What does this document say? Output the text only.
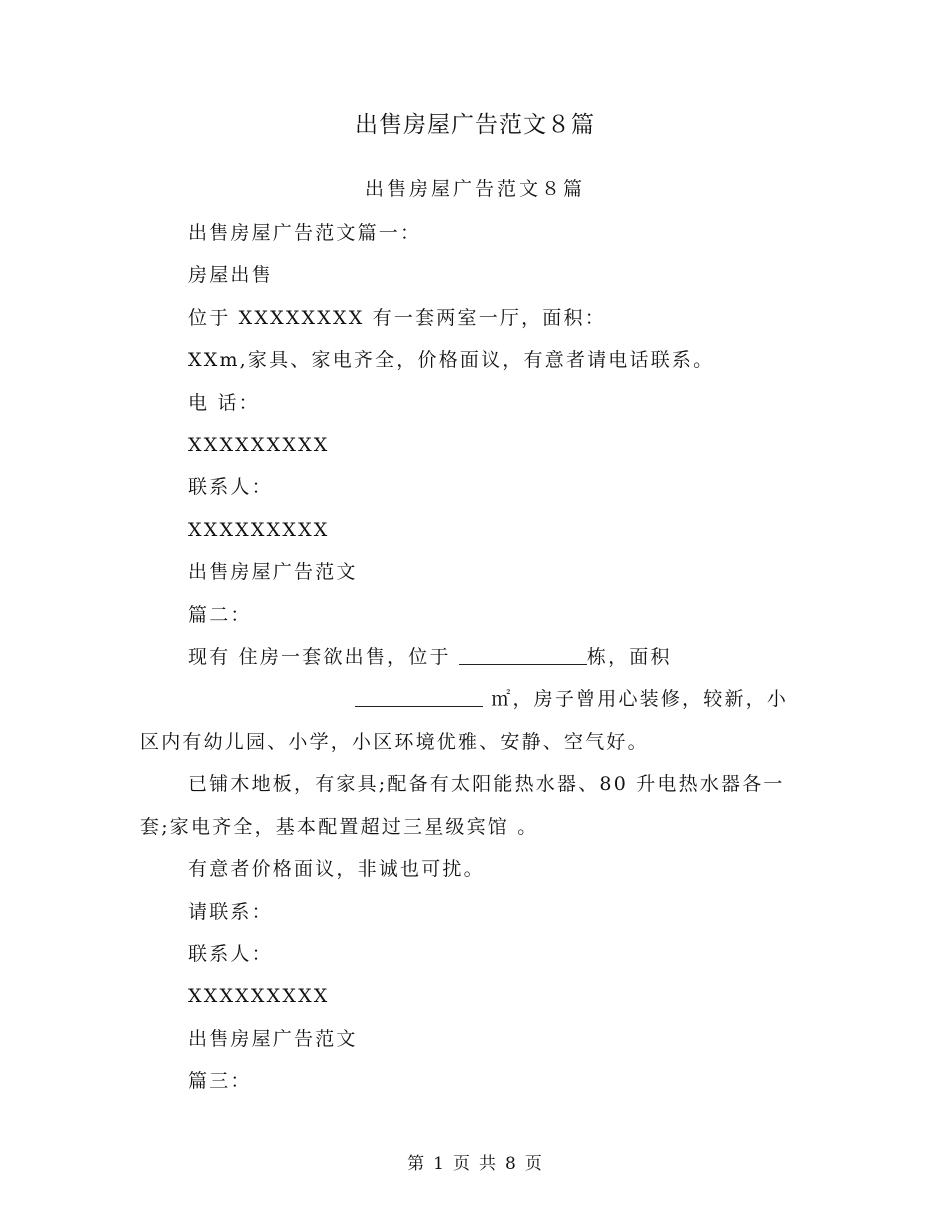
出售房屋广告范文８篇
出售房屋广告范文８篇

出售房屋广告范文篇一：

房屋出售

位于 XXXXXXXX 有一套两室一厅，面积：

XXm,家具、家电齐全，价格面议，有意者请电话联系。

电 话：

XXXXXXXXX

联系人：

XXXXXXXXX

出售房屋广告范文

篇二：

现有 住房一套欲出售，位于	栋，面积 ㎡，房子曾用心装修，较新，小区内有幼儿园、小学，小区环境优雅、安静、空气好。

已铺木地板，有家具;配备有太阳能热水器、80 升电热水器各一套;家电齐全，基本配置超过三星级宾馆 。

有意者价格面议，非诚也可扰。

请联系：

联系人：

XXXXXXXXX

出售房屋广告范文

篇三：

第 1 页 共 8 页
